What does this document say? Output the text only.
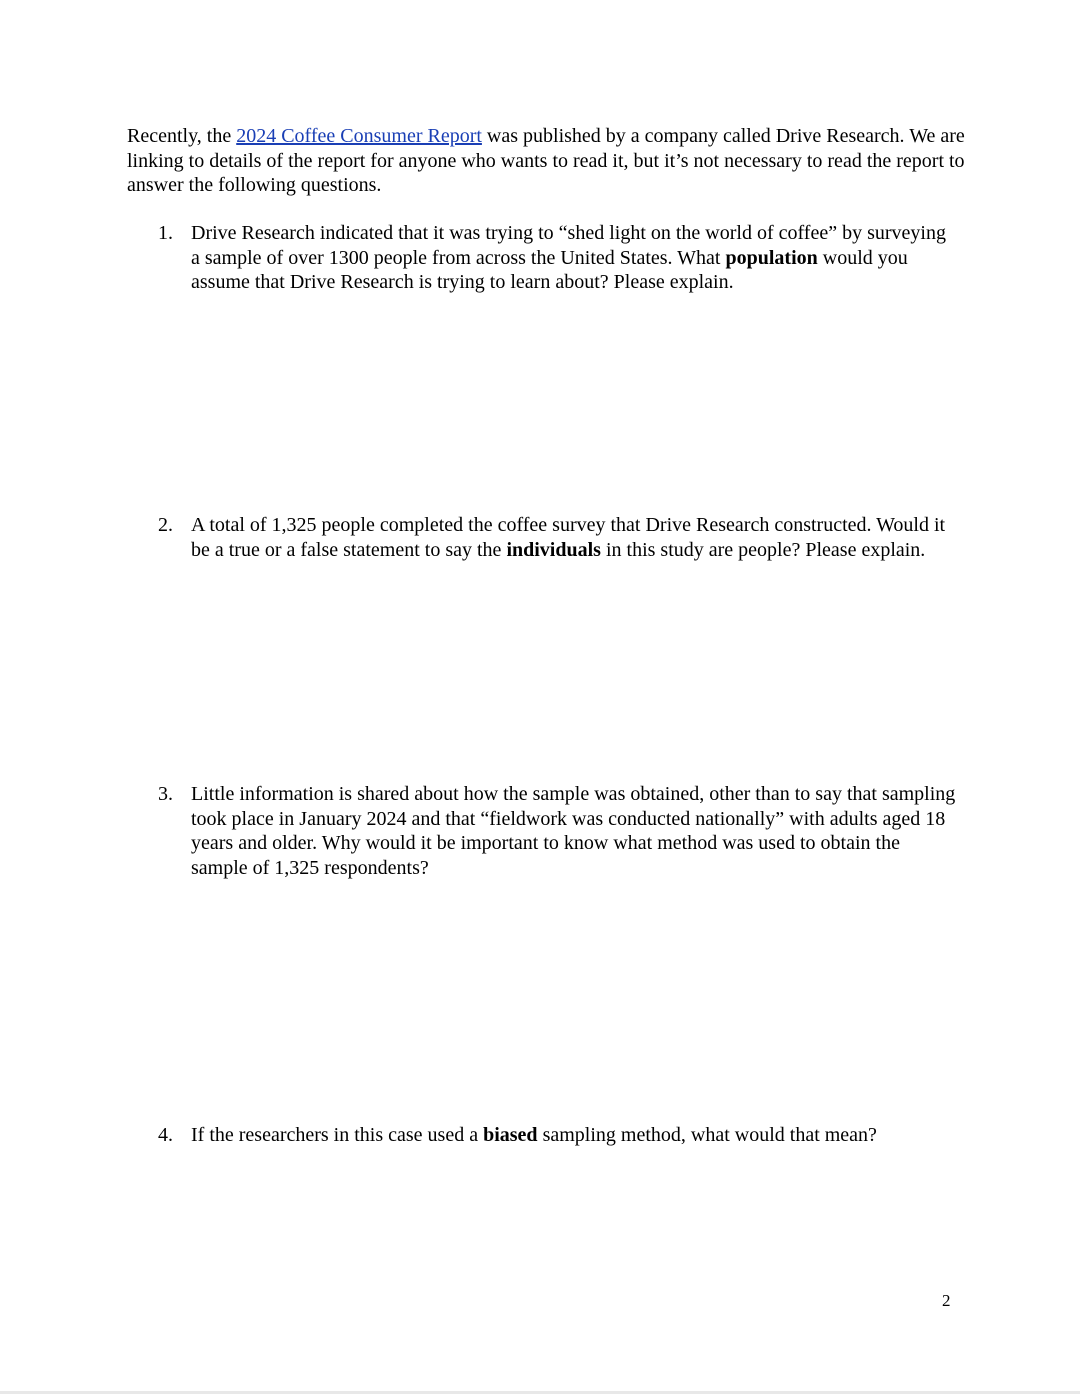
Recently, the 2024 Coffee Consumer Report was published by a company called Drive Research. We are linking to details of the report for anyone who wants to read it, but it’s not necessary to read the report to answer the following questions.

1. Drive Research indicated that it was trying to “shed light on the world of coffee” by surveying a sample of over 1300 people from across the United States. What population would you assume that Drive Research is trying to learn about? Please explain.
2. A total of 1,325 people completed the coffee survey that Drive Research constructed. Would it be a true or a false statement to say the individuals in this study are people? Please explain.
3. Little information is shared about how the sample was obtained, other than to say that sampling took place in January 2024 and that “fieldwork was conducted nationally” with adults aged 18 years and older. Why would it be important to know what method was used to obtain the sample of 1,325 respondents?
4. If the researchers in this case used a biased sampling method, what would that mean?
2
